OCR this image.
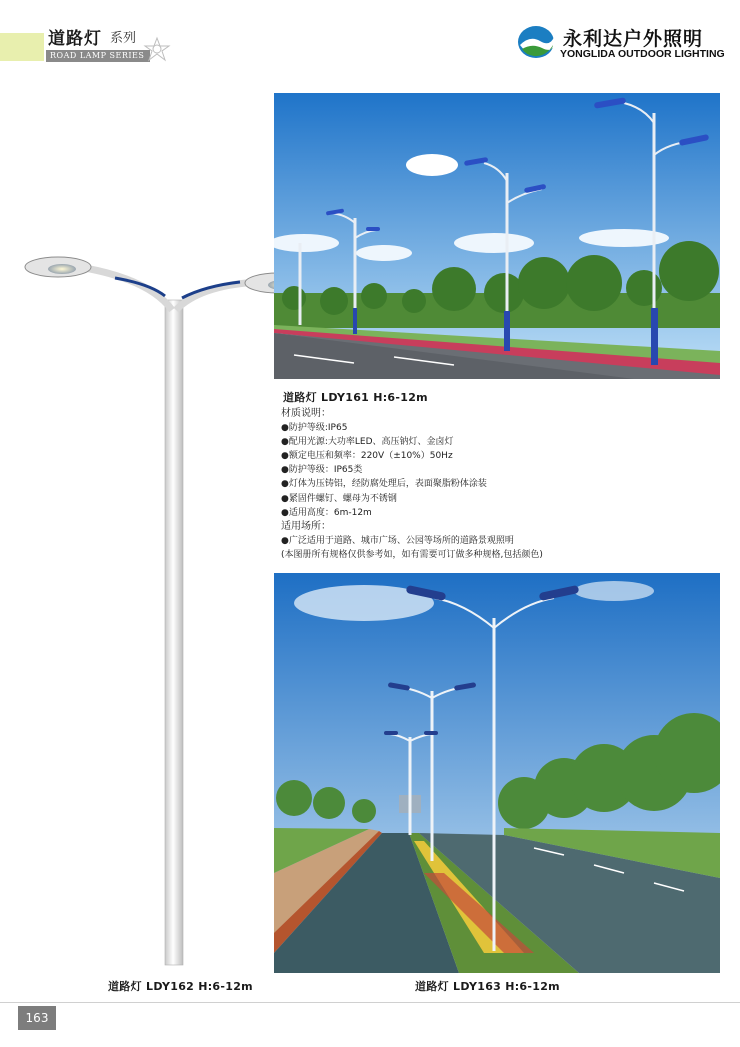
道路灯 系列
ROAD LAMP SERIES
永利达户外照明
YONGLIDA OUTDOOR LIGHTING
道路灯 LDY161 H:6-12m
材质说明：
●防护等级:IP65
●配用光源:大功率LED、高压钠灯、金卤灯
●额定电压和频率：220V（±10%）50Hz
●防护等级：IP65类
●灯体为压铸铝，经防腐处理后，表面聚脂粉体涂装
●紧固件螺钉、螺母为不锈钢
●适用高度：6m-12m
适用场所：
●广泛适用于道路、城市广场、公园等场所的道路景观照明
(本图册所有规格仅供参考如，如有需要可订做多种规格,包括颜色)
道路灯 LDY162 H:6-12m	道路灯 LDY163 H:6-12m
163
